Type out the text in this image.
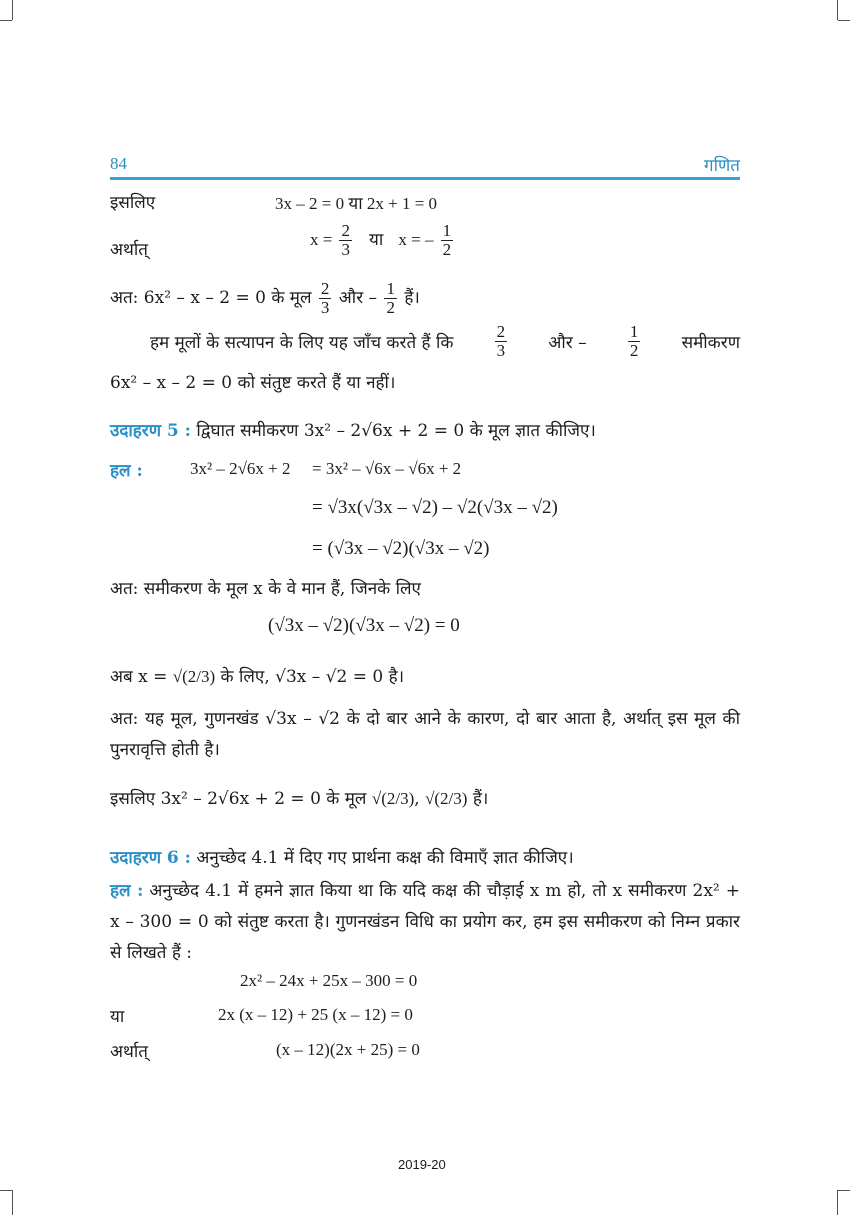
84	गणित
इसलिए	3x – 2 = 0 या 2x + 1 = 0
अर्थात्
$x = \frac{2}{3}$ या x = – $\frac{1}{2}$
अत: 6x² – x – 2 = 0 के मूल $\frac{2}{3}$ और – $\frac{1}{2}$ हैं।
हम मूलों के सत्यापन के लिए यह जाँच करते हैं कि $\frac{2}{3}$ और – $\frac{1}{2}$ समीकरण
6x² – x – 2 = 0 को संतुष्ट करते हैं या नहीं।
उदाहरण 5 : द्विघात समीकरण 3x² – 2√6x + 2 = 0 के मूल ज्ञात कीजिए।
हल :	3x² – 2√6x + 2 = 3x² – √6x – √6x + 2
= √3x(√3x – √2) – √2(√3x – √2)
= (√3x – √2)(√3x – √2)
अत: समीकरण के मूल x के वे मान हैं, जिनके लिए
(√3x – √2)(√3x – √2) = 0
अब x = √(2/3) के लिए, √3x – √2 = 0 है।
अत: यह मूल, गुणनखंड √3x – √2 के दो बार आने के कारण, दो बार आता है, अर्थात् इस मूल की पुनरावृत्ति होती है।
इसलिए 3x² – 2√6x + 2 = 0 के मूल √(2/3), √(2/3) हैं।
उदाहरण 6 : अनुच्छेद 4.1 में दिए गए प्रार्थना कक्ष की विमाएँ ज्ञात कीजिए।
हल : अनुच्छेद 4.1 में हमने ज्ञात किया था कि यदि कक्ष की चौड़ाई x m हो, तो x समीकरण 2x² + x – 300 = 0 को संतुष्ट करता है। गुणनखंडन विधि का प्रयोग कर, हम इस समीकरण को निम्न प्रकार से लिखते हैं :
2x² – 24x + 25x – 300 = 0
या	2x (x – 12) + 25 (x – 12) = 0
अर्थात्	(x – 12)(2x + 25) = 0
2019-20
